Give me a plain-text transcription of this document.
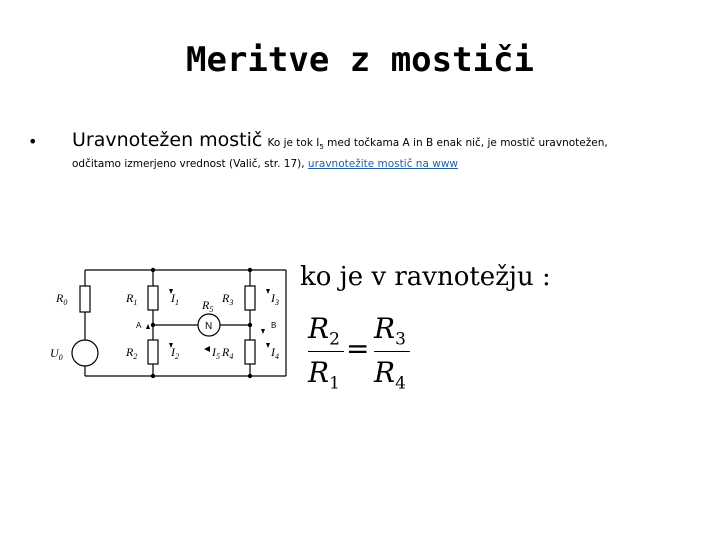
Meritve z mostiči
• Uravnotežen mostič Ko je tok $I_5$ med točkama A in B enak nič, je mostič uravnotežen,
odčitamo izmerjeno vrednost (Valič, str. 17), uravnotežite mostič na www
$R_0$
$U_0$
$R_1$
$R_2$
$I_1$
$I_2$
$R_5$
$I_5$
$R_3$
$R_4$
$I_3$
$I_4$
A	B
N
ko je v ravnotežju :
$R_2$
$R_1$
=
$R_3$
$R_4$
